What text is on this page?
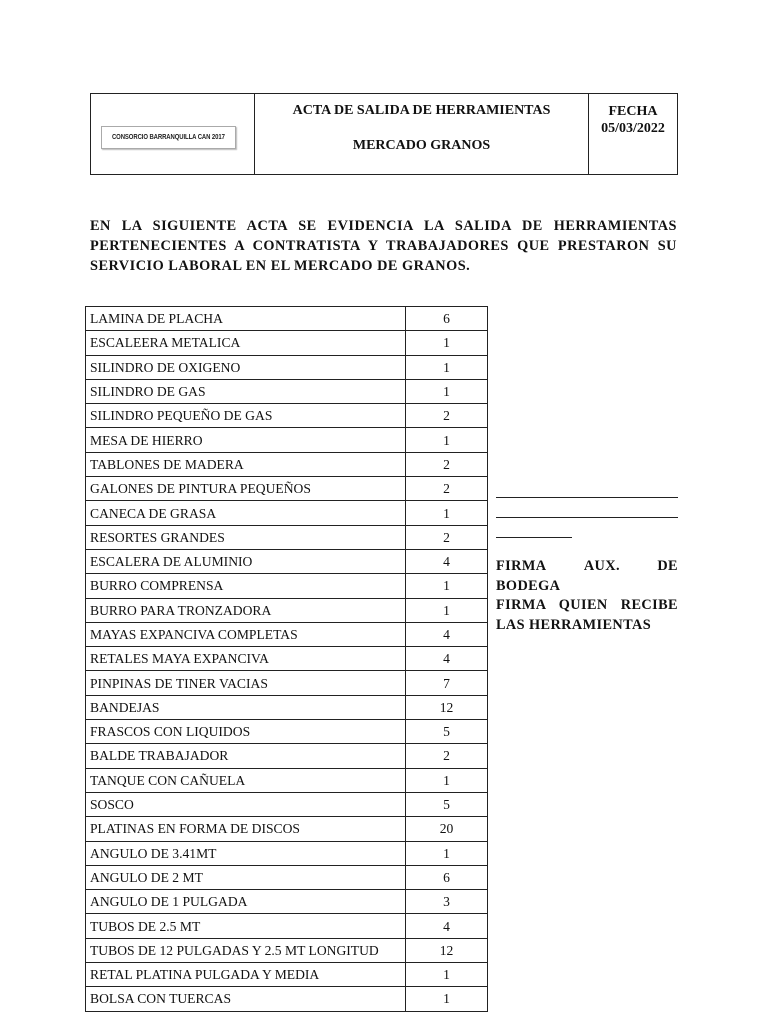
CONSORCIO BARRANQUILLA CAN 2017

ACTA DE SALIDA DE HERRAMIENTAS
MERCADO GRANOS

FECHA
05/03/2022
EN LA SIGUIENTE ACTA SE EVIDENCIA LA SALIDA DE HERRAMIENTAS PERTENECIENTES A CONTRATISTA Y TRABAJADORES QUE PRESTARON SU SERVICIO LABORAL EN EL MERCADO DE GRANOS.
LAMINA DE PLACHA	6
ESCALEERA METALICA	1
SILINDRO DE OXIGENO	1
SILINDRO DE GAS	1
SILINDRO PEQUEÑO DE GAS	2
MESA DE HIERRO	1
TABLONES DE MADERA	2
GALONES DE PINTURA PEQUEÑOS	2
CANECA DE GRASA	1
RESORTES GRANDES	2
ESCALERA DE ALUMINIO	4
BURRO COMPRENSA	1
BURRO PARA TRONZADORA	1
MAYAS EXPANCIVA COMPLETAS	4
RETALES MAYA EXPANCIVA	4
PINPINAS DE TINER VACIAS	7
BANDEJAS	12
FRASCOS CON LIQUIDOS	5
BALDE TRABAJADOR	2
TANQUE CON CAÑUELA	1
SOSCO	5
PLATINAS EN FORMA DE DISCOS	20
ANGULO DE 3.41MT	1
ANGULO DE 2 MT	6
ANGULO DE 1 PULGADA	3
TUBOS DE 2.5 MT	4
TUBOS DE 12 PULGADAS Y 2.5 MT LONGITUD	12
RETAL PLATINA PULGADA Y MEDIA	1
BOLSA CON TUERCAS	1
FIRMA	AUX.	DE
BODEGA
FIRMA QUIEN RECIBE LAS HERRAMIENTAS
